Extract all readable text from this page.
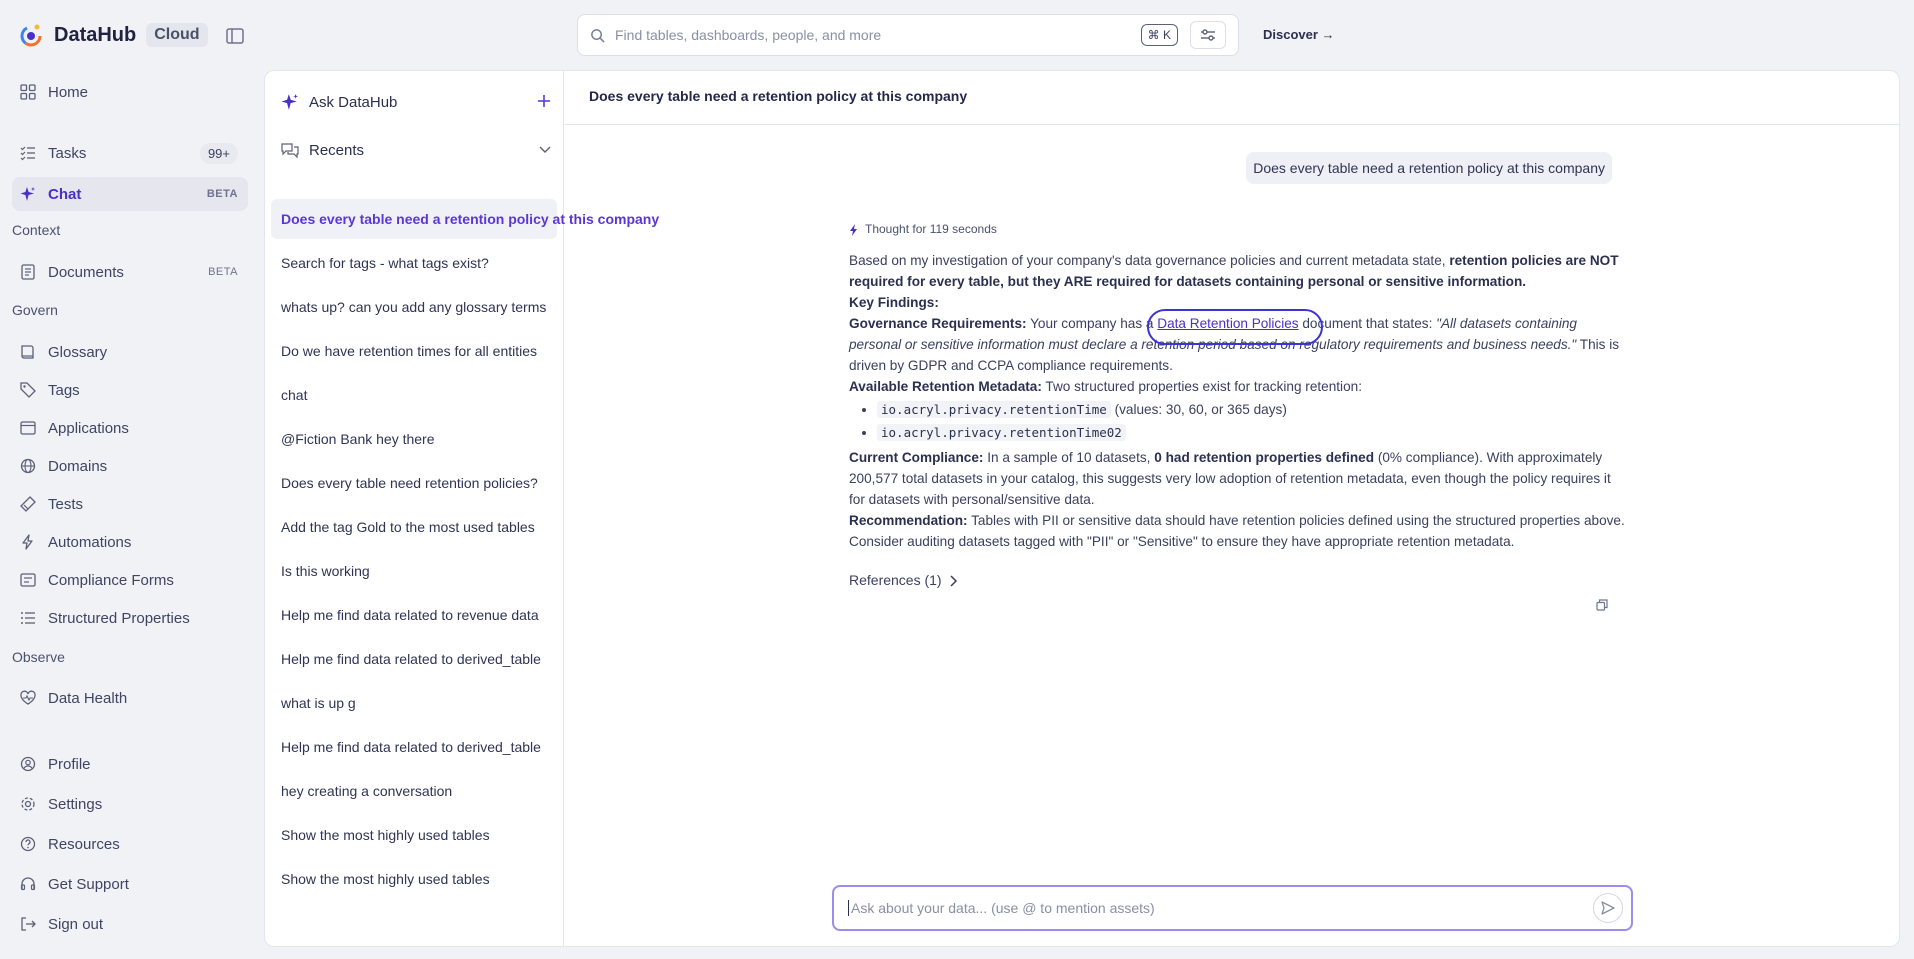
DataHub	Cloud	Find tables, dashboards, people, and more	⌘ K	Discover →
Home
Tasks	99+
Chat	BETA
Context
Documents	BETA
Govern
Glossary
Tags
Applications
Domains
Tests
Automations
Compliance Forms
Structured Properties
Observe
Data Health
Profile
Settings
Resources
Get Support
Sign out
Ask DataHub
Recents
Does every table need a retention policy at this company
Search for tags - what tags exist?
whats up? can you add any glossary terms
Do we have retention times for all entities
chat
@Fiction Bank hey there
Does every table need retention policies?
Add the tag Gold to the most used tables
Is this working
Help me find data related to revenue data
Help me find data related to derived_table
what is up g
Help me find data related to derived_table
hey creating a conversation
Show the most highly used tables
Show the most highly used tables
Does every table need a retention policy at this company
Does every table need a retention policy at this company
Thought for 119 seconds

Based on my investigation of your company's data governance policies and current metadata state, retention policies are NOT required for every table, but they ARE required for datasets containing personal or sensitive information.

Key Findings:

Governance Requirements: Your company has a Data Retention Policies document that states: "All datasets containing personal or sensitive information must declare a retention period based on regulatory requirements and business needs." This is driven by GDPR and CCPA compliance requirements.

Available Retention Metadata: Two structured properties exist for tracking retention:

• io.acryl.privacy.retentionTime (values: 30, 60, or 365 days)
• io.acryl.privacy.retentionTime02

Current Compliance: In a sample of 10 datasets, 0 had retention properties defined (0% compliance). With approximately 200,577 total datasets in your catalog, this suggests very low adoption of retention metadata, even though the policy requires it for datasets with personal/sensitive data.

Recommendation: Tables with PII or sensitive data should have retention policies defined using the structured properties above. Consider auditing datasets tagged with "PII" or "Sensitive" to ensure they have appropriate retention metadata.

References (1)
Ask about your data... (use @ to mention assets)
